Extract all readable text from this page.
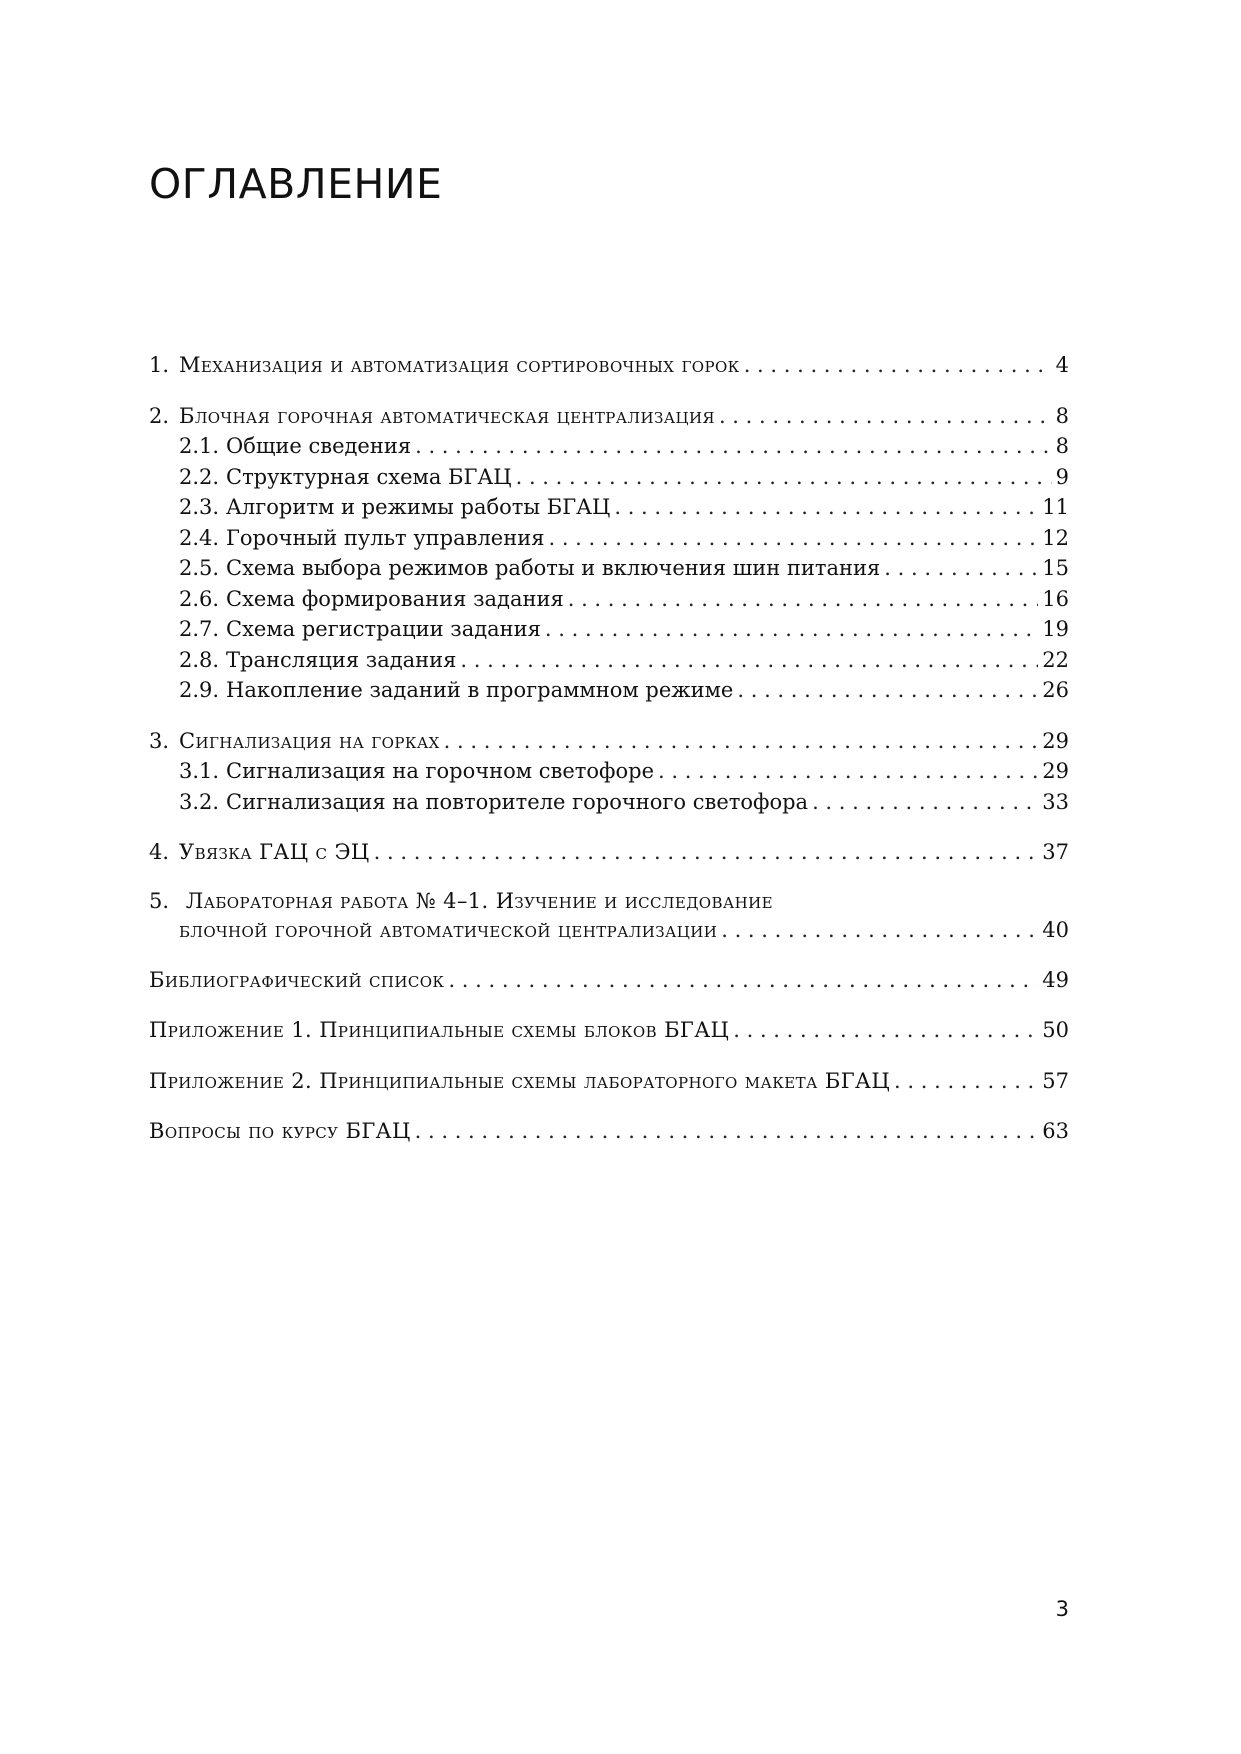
ОГЛАВЛЕНИЕ
1. Механизация и автоматизация сортировочных горок . . .	4
2. Блочная горочная автоматическая централизация . . .	8
2.1. Общие сведения . . .	8
2.2. Структурная схема БГАЦ . . .	9
2.3. Алгоритм и режимы работы БГАЦ . . .	11
2.4. Горочный пульт управления . . .	12
2.5. Схема выбора режимов работы и включения шин питания . . .	15
2.6. Схема формирования задания . . .	16
2.7. Схема регистрации задания . . .	19
2.8. Трансляция задания . . .	22
2.9. Накопление заданий в программном режиме . . .	26
3. Сигнализация на горках . . .	29
3.1. Сигнализация на горочном светофоре . . .	29
3.2. Сигнализация на повторителе горочного светофора . . .	33
4. Увязка ГАЦ с ЭЦ . . .	37
5. Лабораторная работа № 4–1. Изучение и исследование
блочной горочной автоматической централизации . . .	40
Библиографический список . . .	49
Приложение 1. Принципиальные схемы блоков БГАЦ . . .	50
Приложение 2. Принципиальные схемы лабораторного макета БГАЦ . . .	57
Вопросы по курсу БГАЦ . . .	63
3
